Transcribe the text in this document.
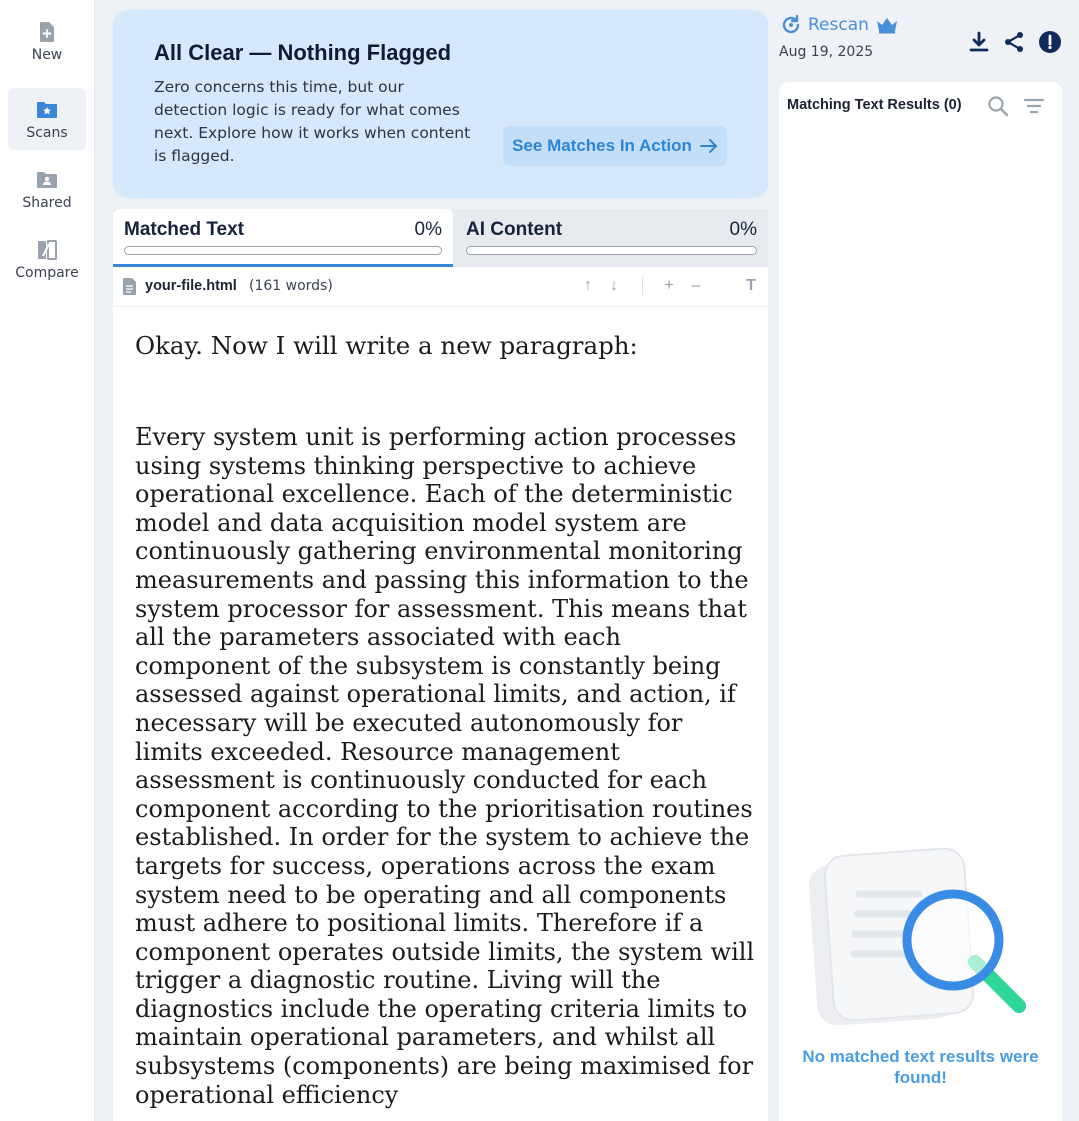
New
Scans
Shared
Compare
All Clear — Nothing Flagged
Zero concerns this time, but our detection logic is ready for what comes next. Explore how it works when content is flagged.
See Matches In Action
Matched Text	0% AI Content	0%
your-file.html (161 words)	↑	↓	+ –	T

Okay. Now I will write a new paragraph:

Every system unit is performing action processes using systems thinking perspective to achieve operational excellence. Each of the deterministic model and data acquisition model system are continuously gathering environmental monitoring measurements and passing this information to the system processor for assessment. This means that all the parameters associated with each component of the subsystem is constantly being assessed against operational limits, and action, if necessary will be executed autonomously for limits exceeded. Resource management assessment is continuously conducted for each component according to the prioritisation routines established. In order for the system to achieve the targets for success, operations across the exam system need to be operating and all components must adhere to positional limits. Therefore if a component operates outside limits, the system will trigger a diagnostic routine. Living will the diagnostics include the operating criteria limits to maintain operational parameters, and whilst all subsystems (components) are being maximised for operational efficiency

Rescan
Aug 19, 2025
Matching Text Results (0)
No matched text results were found!
